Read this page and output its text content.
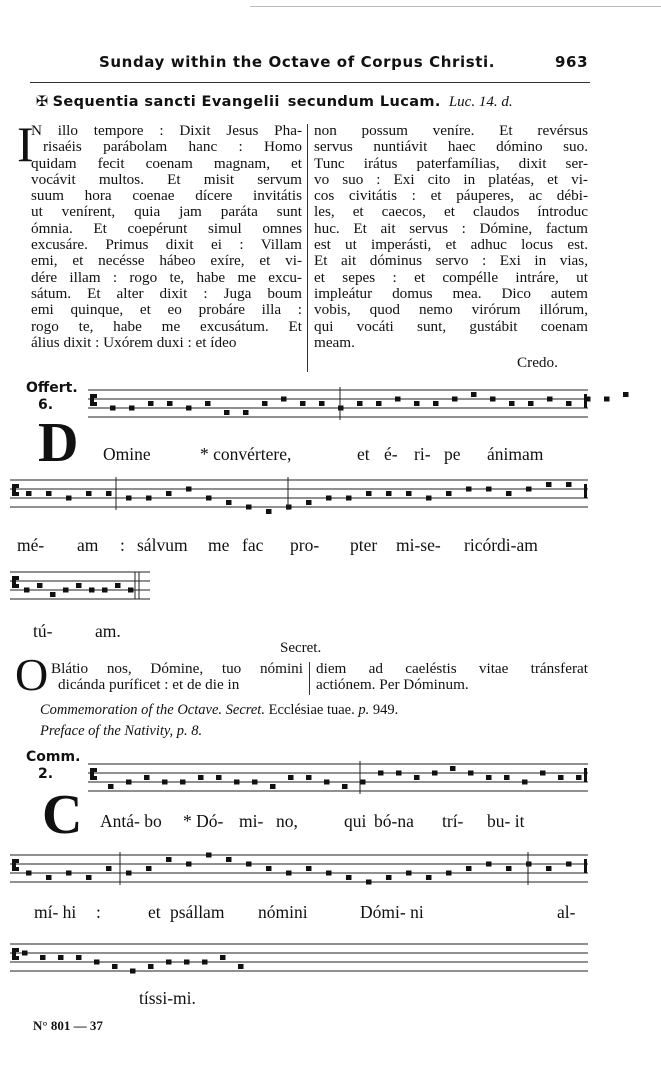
Sunday within the Octave of Corpus Christi.	963
✠ Sequentia sancti Evangelii secundum Lucam. Luc. 14. d.
I
N illo tempore : Dixit Jesus Pha-
risaéis parábolam hanc : Homo
quidam fecit coenam magnam, et
vocávit multos. Et misit servum
suum hora coenae dícere invitátis
ut venírent, quia jam paráta sunt
ómnia. Et coepérunt simul omnes
excusáre. Primus dixit ei : Villam
emi, et necésse hábeo exíre, et vi-
dére illam : rogo te, habe me excu-
sátum. Et alter dixit : Juga boum
emi quinque, et eo probáre illa :
rogo te, habe me excusátum. Et
álius dixit : Uxórem duxi : et ídeo
non possum veníre. Et revérsus
servus nuntiávit haec dómino suo.
Tunc irátus paterfamílias, dixit ser-
vo suo : Exi cito in platéas, et vi-
cos civitátis : et páuperes, ac débi-
les, et caecos, et claudos íntroduc
huc. Et ait servus : Dómine, factum
est ut imperásti, et adhuc locus est.
Et ait dóminus servo : Exi in vias,
et sepes : et compélle intráre, ut
impleátur domus mea. Dico autem
vobis, quod nemo virórum illórum,
qui vocáti sunt, gustábit coenam
meam.
Credo.
Offert.
6.
D Omine	* convértere,	et é- ri- pe ánimam
mé- am : sálvum me fac pro- pter mi-se- ricórdi-am
tú- am.
Secret.
O Blátio nos, Dómine, tuo nómini
dicánda puríficet : et de die in
diem ad caeléstis vitae tránsferat
actiónem. Per Dóminum.
Commemoration of the Octave. Secret. Ecclésiae tuae. p. 949.
Preface of the Nativity, p. 8.
Comm.
2.
C Antá- bo * Dó- mi- no,	qui bó-na trí- bu- it
mí- hi :	et psállam nómini	Dómi- ni	al-
tíssi-mi.
N° 801 — 37
